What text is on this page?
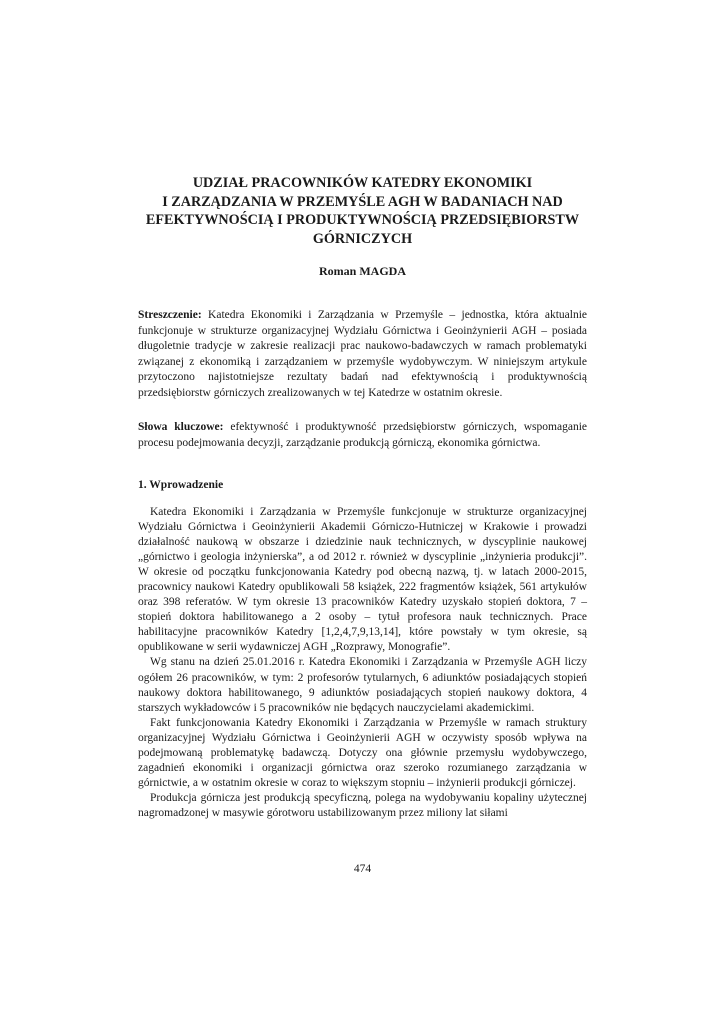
UDZIAŁ PRACOWNIKÓW KATEDRY EKONOMIKI
I ZARZĄDZANIA W PRZEMYŚLE AGH W BADANIACH NAD
EFEKTYWNOŚCIĄ I PRODUKTYWNOŚCIĄ PRZEDSIĘBIORSTW
GÓRNICZYCH

Roman MAGDA

Streszczenie: Katedra Ekonomiki i Zarządzania w Przemyśle – jednostka, która aktualnie funkcjonuje w strukturze organizacyjnej Wydziału Górnictwa i Geoinżynierii AGH – posiada długoletnie tradycje w zakresie realizacji prac naukowo-badawczych w ramach problematyki związanej z ekonomiką i zarządzaniem w przemyśle wydobywczym. W niniejszym artykule przytoczono najistotniejsze rezultaty badań nad efektywnością i produktywnością przedsiębiorstw górniczych zrealizowanych w tej Katedrze w ostatnim okresie.

Słowa kluczowe: efektywność i produktywność przedsiębiorstw górniczych, wspomaganie procesu podejmowania decyzji, zarządzanie produkcją górniczą, ekonomika górnictwa.

1. Wprowadzenie

Katedra Ekonomiki i Zarządzania w Przemyśle funkcjonuje w strukturze organizacyjnej Wydziału Górnictwa i Geoinżynierii Akademii Górniczo-Hutniczej w Krakowie i prowadzi działalność naukową w obszarze i dziedzinie nauk technicznych, w dyscyplinie naukowej „górnictwo i geologia inżynierska”, a od 2012 r. również w dyscyplinie „inżynieria produkcji”. W okresie od początku funkcjonowania Katedry pod obecną nazwą, tj. w latach 2000-2015, pracownicy naukowi Katedry opublikowali 58 książek, 222 fragmentów książek, 561 artykułów oraz 398 referatów. W tym okresie 13 pracowników Katedry uzyskało stopień doktora, 7 – stopień doktora habilitowanego a 2 osoby – tytuł profesora nauk technicznych. Prace habilitacyjne pracowników Katedry [1,2,4,7,9,13,14], które powstały w tym okresie, są opublikowane w serii wydawniczej AGH „Rozprawy, Monografie”.

Wg stanu na dzień 25.01.2016 r. Katedra Ekonomiki i Zarządzania w Przemyśle AGH liczy ogółem 26 pracowników, w tym: 2 profesorów tytularnych, 6 adiunktów posiadających stopień naukowy doktora habilitowanego, 9 adiunktów posiadających stopień naukowy doktora, 4 starszych wykładowców i 5 pracowników nie będących nauczycielami akademickimi.

Fakt funkcjonowania Katedry Ekonomiki i Zarządzania w Przemyśle w ramach struktury organizacyjnej Wydziału Górnictwa i Geoinżynierii AGH w oczywisty sposób wpływa na podejmowaną problematykę badawczą. Dotyczy ona głównie przemysłu wydobywczego, zagadnień ekonomiki i organizacji górnictwa oraz szeroko rozumianego zarządzania w górnictwie, a w ostatnim okresie w coraz to większym stopniu – inżynierii produkcji górniczej.

Produkcja górnicza jest produkcją specyficzną, polega na wydobywaniu kopaliny użytecznej nagromadzonej w masywie górotworu ustabilizowanym przez miliony lat siłami

474
